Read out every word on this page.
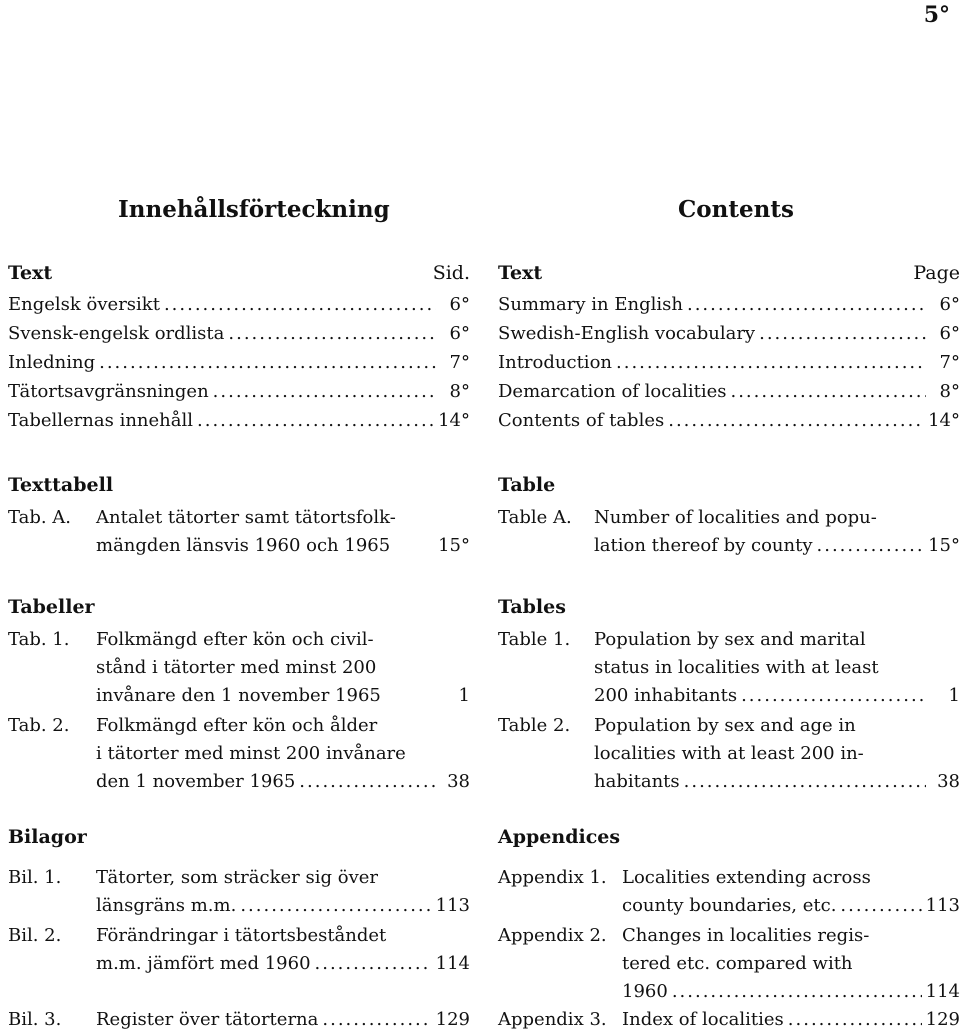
5°
Innehållsförteckning
Text	Sid.
Engelsk översikt .....	6°
Svensk-engelsk ordlista .....	6°
Inledning .....	7°
Tätortsavgränsningen .....	8°
Tabellernas innehåll .....	14°
Texttabell
Tab. A.	Antalet tätorter samt tätortsfolk-
mängden länsvis 1960 och 1965	15°
Tabeller
Tab. 1.	Folkmängd efter kön och civil-
stånd i tätorter med minst 200
invånare den 1 november 1965	1
Tab. 2.	Folkmängd efter kön och ålder
i tätorter med minst 200 invånare
den 1 november 1965 .....	38
Bilagor
Bil. 1.	Tätorter, som sträcker sig över
länsgräns m.m. .....	113
Bil. 2.	Förändringar i tätortsbeståndet
m.m. jämfört med 1960 .....	114
Bil. 3.	Register över tätorterna .....	129
Contents
Text	Page
Summary in English .....	6°
Swedish-English vocabulary .....	6°
Introduction .....	7°
Demarcation of localities .....	8°
Contents of tables .....	14°
Table
Table A.	Number of localities and popu-
lation thereof by county .....	15°
Tables
Table 1.	Population by sex and marital
status in localities with at least
200 inhabitants .....	1
Table 2.	Population by sex and age in
localities with at least 200 in-
habitants .....	38
Appendices
Appendix 1. Localities extending across
county boundaries, etc. .....	113
Appendix 2. Changes in localities regis-
tered etc. compared with
1960 .....	114
Appendix 3. Index of localities .....	129
